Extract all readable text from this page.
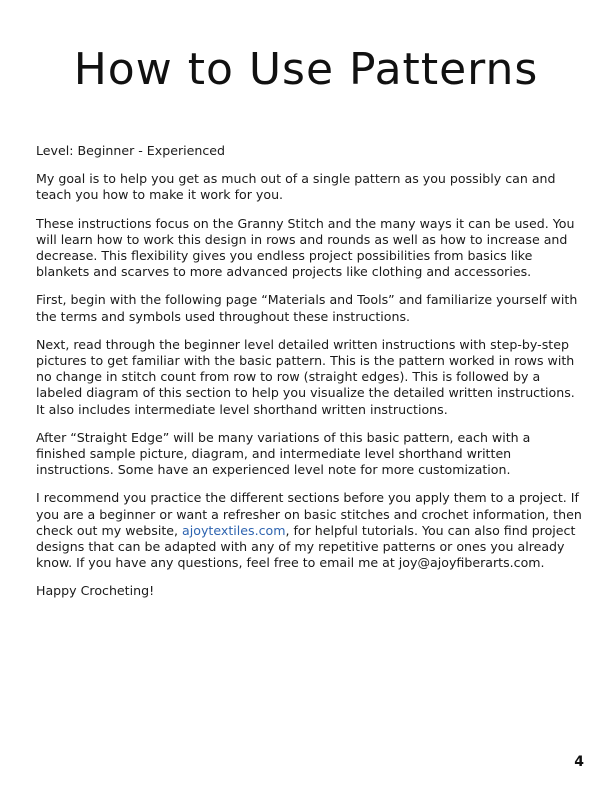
How to Use Patterns

Level: Beginner - Experienced

My goal is to help you get as much out of a single pattern as you possibly can and teach you how to make it work for you.

These instructions focus on the Granny Stitch and the many ways it can be used. You will learn how to work this design in rows and rounds as well as how to increase and decrease. This flexibility gives you endless project possibilities from basics like blankets and scarves to more advanced projects like clothing and accessories.

First, begin with the following page “Materials and Tools” and familiarize yourself with the terms and symbols used throughout these instructions.

Next, read through the beginner level detailed written instructions with step-by-step pictures to get familiar with the basic pattern. This is the pattern worked in rows with no change in stitch count from row to row (straight edges). This is followed by a labeled diagram of this section to help you visualize the detailed written instructions. It also includes intermediate level shorthand written instructions.

After “Straight Edge” will be many variations of this basic pattern, each with a finished sample picture, diagram, and intermediate level shorthand written instructions. Some have an experienced level note for more customization.

I recommend you practice the different sections before you apply them to a project. If you are a beginner or want a refresher on basic stitches and crochet information, then check out my website, ajoytextiles.com, for helpful tutorials. You can also find project designs that can be adapted with any of my repetitive patterns or ones you already know. If you have any questions, feel free to email me at joy@ajoyfiberarts.com.

Happy Crocheting!

4
